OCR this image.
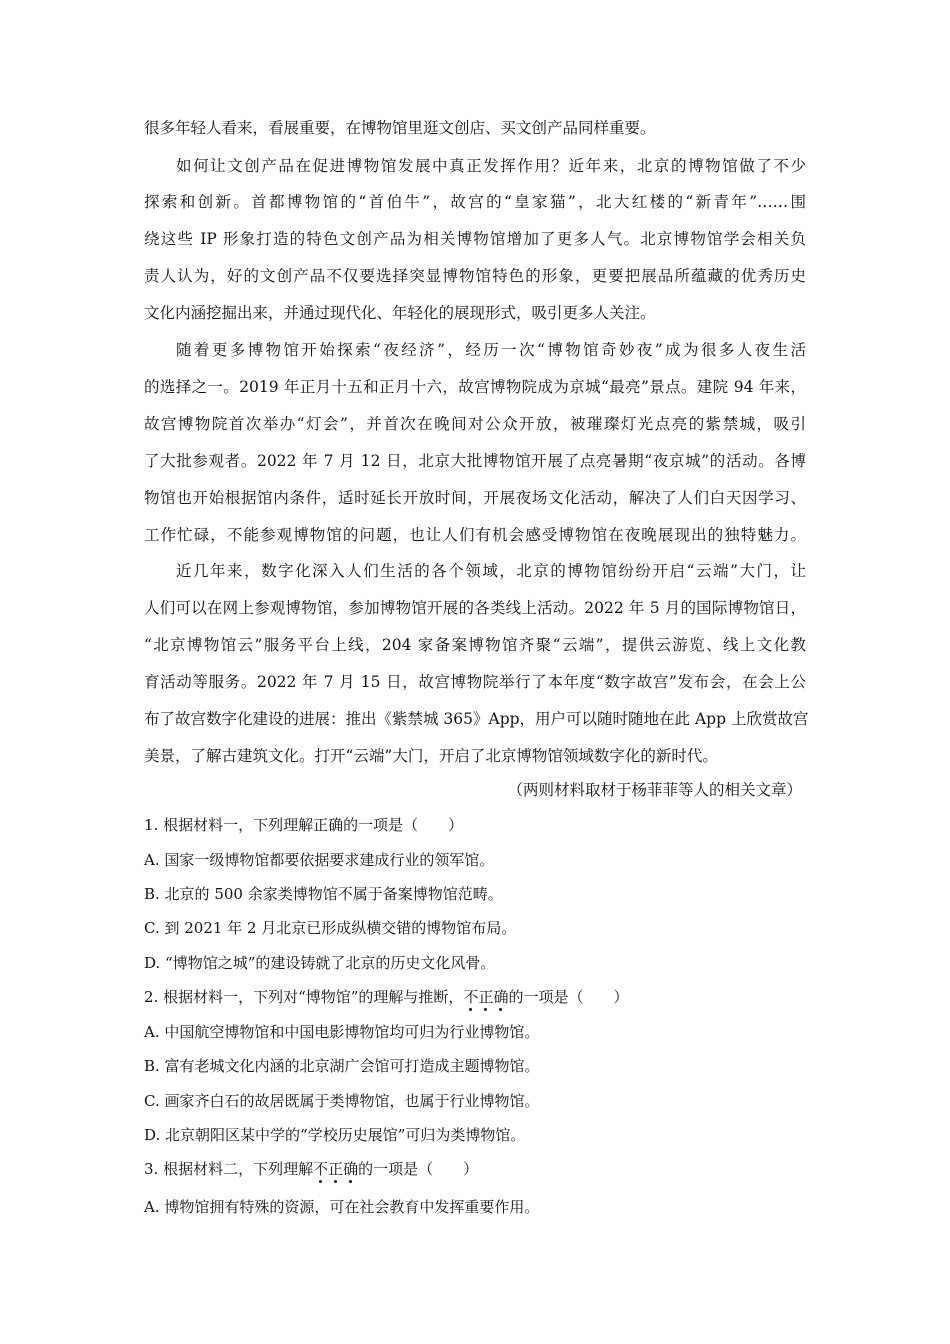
很多年轻人看来，看展重要，在博物馆里逛文创店、买文创产品同样重要。
如何让文创产品在促进博物馆发展中真正发挥作用？近年来，北京的博物馆做了不少
探索和创新。首都博物馆的“首伯牛”，故宫的“皇家猫”，北大红楼的“新青年”……围
绕这些 IP 形象打造的特色文创产品为相关博物馆增加了更多人气。北京博物馆学会相关负
责人认为，好的文创产品不仅要选择突显博物馆特色的形象，更要把展品所蕴藏的优秀历史
文化内涵挖掘出来，并通过现代化、年轻化的展现形式，吸引更多人关注。
随着更多博物馆开始探索“夜经济”，经历一次“博物馆奇妙夜”成为很多人夜生活
的选择之一。2019 年正月十五和正月十六，故宫博物院成为京城“最亮”景点。建院 94 年来，
故宫博物院首次举办“灯会”，并首次在晚间对公众开放，被璀璨灯光点亮的紫禁城，吸引
了大批参观者。2022 年 7 月 12 日，北京大批博物馆开展了点亮暑期“夜京城”的活动。各博
物馆也开始根据馆内条件，适时延长开放时间，开展夜场文化活动，解决了人们白天因学习、
工作忙碌，不能参观博物馆的问题，也让人们有机会感受博物馆在夜晚展现出的独特魅力。
近几年来，数字化深入人们生活的各个领域，北京的博物馆纷纷开启“云端”大门，让
人们可以在网上参观博物馆，参加博物馆开展的各类线上活动。2022 年 5 月的国际博物馆日，
“北京博物馆云”服务平台上线，204 家备案博物馆齐聚“云端”，提供云游览、线上文化教
育活动等服务。2022 年 7 月 15 日，故宫博物院举行了本年度“数字故宫”发布会，在会上公
布了故宫数字化建设的进展：推出《紫禁城 365》App，用户可以随时随地在此 App 上欣赏故宫
美景，了解古建筑文化。打开“云端”大门，开启了北京博物馆领域数字化的新时代。
（两则材料取材于杨菲菲等人的相关文章）
1. 根据材料一，下列理解正确的一项是（　　）
A. 国家一级博物馆都要依据要求建成行业的领军馆。
B. 北京的 500 余家类博物馆不属于备案博物馆范畴。
C. 到 2021 年 2 月北京已形成纵横交错的博物馆布局。
D. “博物馆之城”的建设铸就了北京的历史文化风骨。
2. 根据材料一，下列对“博物馆”的理解与推断，不正确的一项是（　　）
A. 中国航空博物馆和中国电影博物馆均可归为行业博物馆。
B. 富有老城文化内涵的北京湖广会馆可打造成主题博物馆。
C. 画家齐白石的故居既属于类博物馆，也属于行业博物馆。
D. 北京朝阳区某中学的“学校历史展馆”可归为类博物馆。
3. 根据材料二，下列理解不正确的一项是（　　）
A. 博物馆拥有特殊的资源，可在社会教育中发挥重要作用。
